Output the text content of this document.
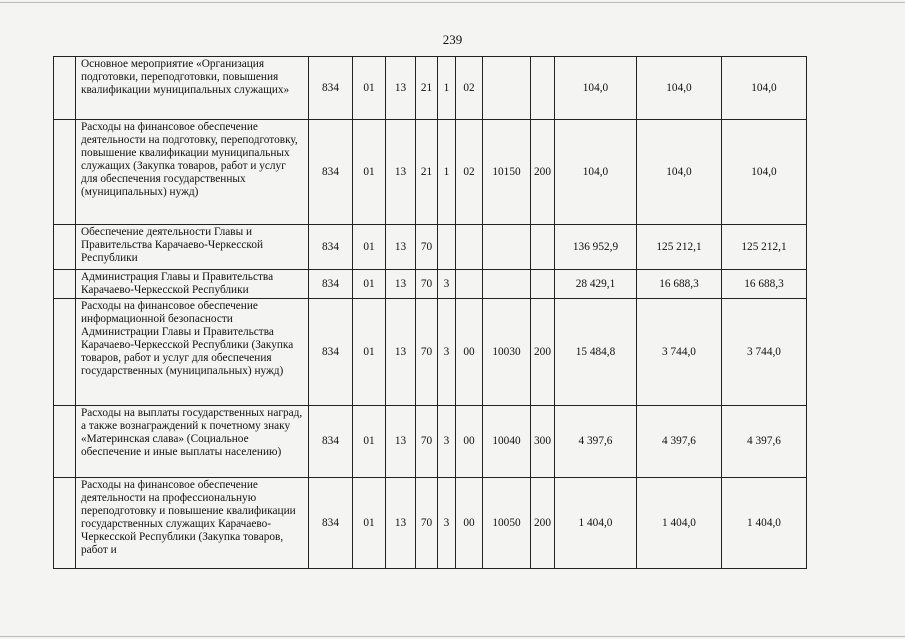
239
	Основное мероприятие «Организация подготовки, переподготовки, повышения квалификации муниципальных служащих»	834	01	13	21	1	02			104,0	104,0	104,0
	Расходы на финансовое обеспечение деятельности на подготовку, переподготовку, повышение квалификации муниципальных служащих (Закупка товаров, работ и услуг для обеспечения государственных (муниципальных) нужд)	834	01	13	21	1	02	10150	200	104,0	104,0	104,0
	Обеспечение деятельности Главы и Правительства Карачаево-Черкесской Республики	834	01	13	70					136 952,9	125 212,1	125 212,1
	Администрация Главы и Правительства Карачаево-Черкесской Республики	834	01	13	70	3				28 429,1	16 688,3	16 688,3
	Расходы на финансовое обеспечение информационной безопасности Администрации Главы и Правительства Карачаево-Черкесской Республики (Закупка товаров, работ и услуг для обеспечения государственных (муниципальных) нужд)	834	01	13	70	3	00	10030	200	15 484,8	3 744,0	3 744,0
	Расходы на выплаты государственных наград, а также вознаграждений к почетному знаку «Материнская слава» (Социальное обеспечение и иные выплаты населению)	834	01	13	70	3	00	10040	300	4 397,6	4 397,6	4 397,6
	Расходы на финансовое обеспечение деятельности на профессиональную переподготовку и повышение квалификации государственных служащих Карачаево-Черкесской Республики (Закупка товаров, работ и	834	01	13	70	3	00	10050	200	1 404,0	1 404,0	1 404,0
